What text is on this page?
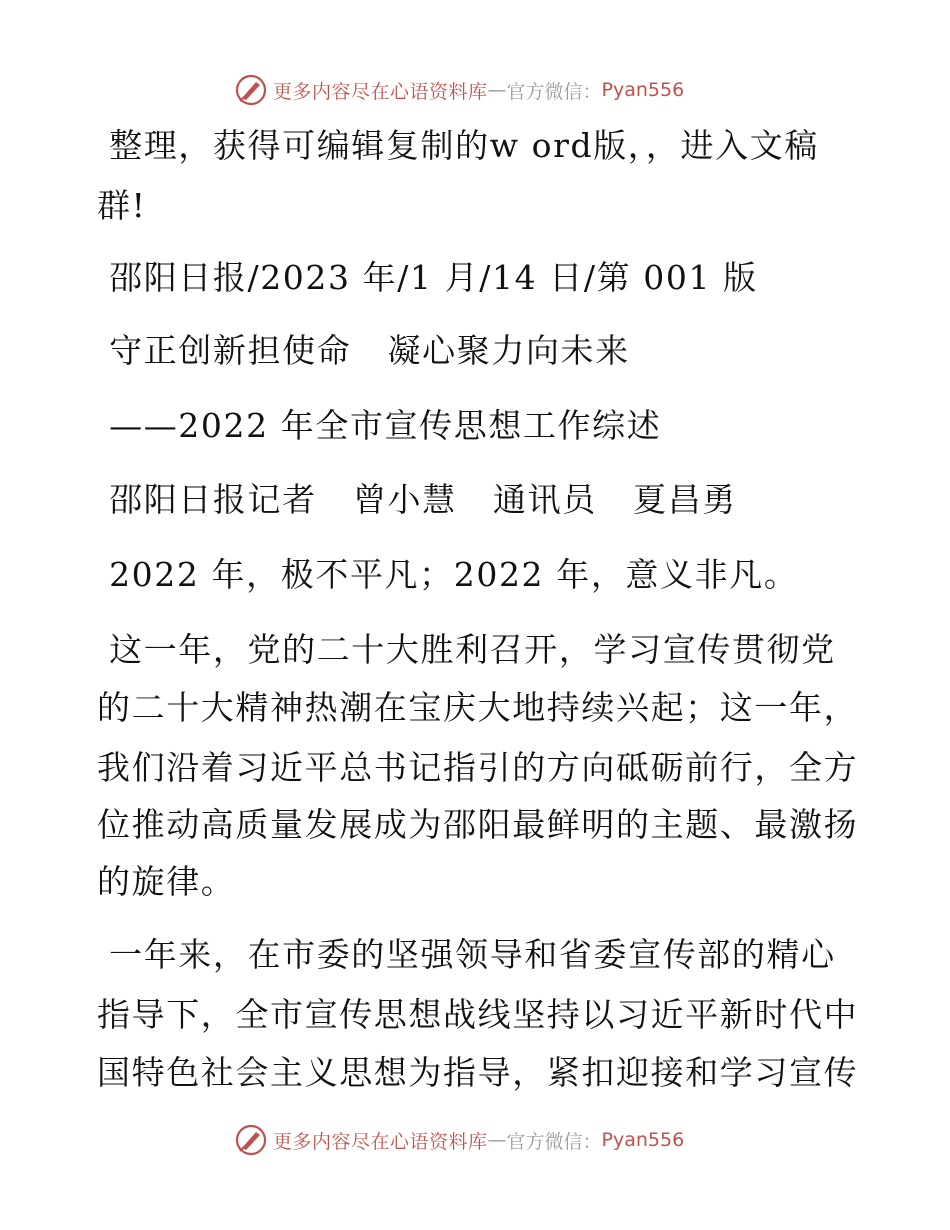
更多内容尽在心语资料库 — 官方微信： Pyan556
整理，获得可编辑复制的w ord版，，进入文稿
群!
邵阳日报/2023 年/1 月/14 日/第 001 版
守正创新担使命   凝心聚力向未来
——2022 年全市宣传思想工作综述
邵阳日报记者   曾小慧   通讯员   夏昌勇
2022 年，极不平凡；2022 年，意义非凡。
这一年，党的二十大胜利召开，学习宣传贯彻党
的二十大精神热潮在宝庆大地持续兴起；这一年，
我们沿着习近平总书记指引的方向砥砺前行，全方
位推动高质量发展成为邵阳最鲜明的主题、最激扬
的旋律。
一年来，在市委的坚强领导和省委宣传部的精心
指导下，全市宣传思想战线坚持以习近平新时代中
国特色社会主义思想为指导，紧扣迎接和学习宣传
更多内容尽在心语资料库 — 官方微信： Pyan556
